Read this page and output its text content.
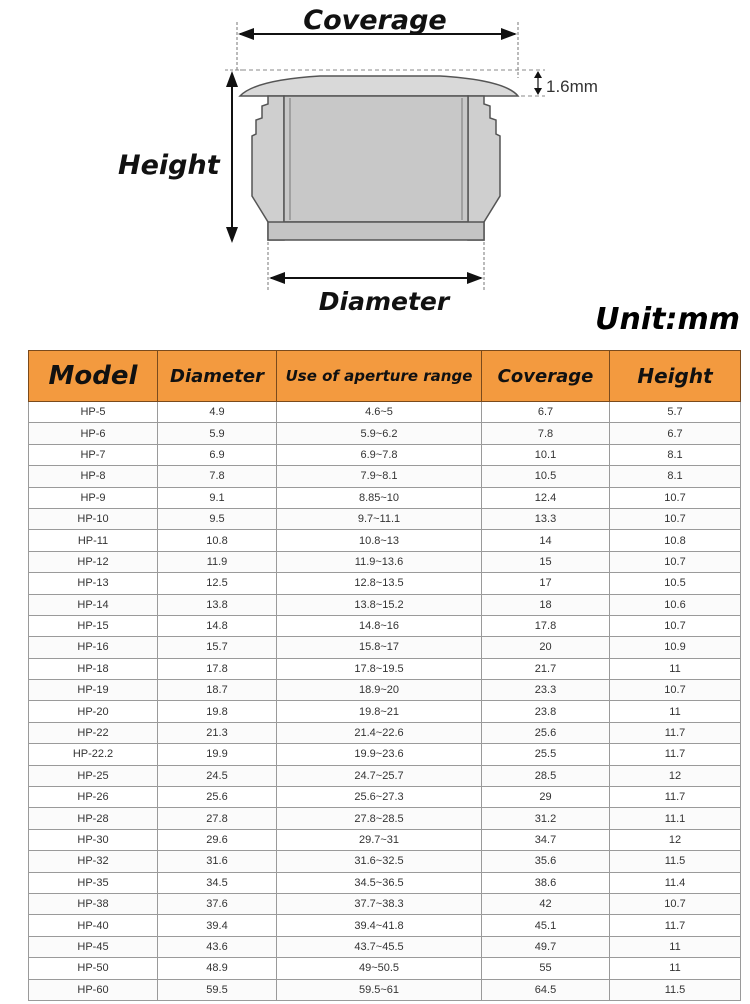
Coverage
1.6mm
Height
Diameter
Unit:mm
Model	Diameter	Use of aperture range	Coverage	Height
HP-5	4.9	4.6~5	6.7	5.7
HP-6	5.9	5.9~6.2	7.8	6.7
HP-7	6.9	6.9~7.8	10.1	8.1
HP-8	7.8	7.9~8.1	10.5	8.1
HP-9	9.1	8.85~10	12.4	10.7
HP-10	9.5	9.7~11.1	13.3	10.7
HP-11	10.8	10.8~13	14	10.8
HP-12	11.9	11.9~13.6	15	10.7
HP-13	12.5	12.8~13.5	17	10.5
HP-14	13.8	13.8~15.2	18	10.6
HP-15	14.8	14.8~16	17.8	10.7
HP-16	15.7	15.8~17	20	10.9
HP-18	17.8	17.8~19.5	21.7	11
HP-19	18.7	18.9~20	23.3	10.7
HP-20	19.8	19.8~21	23.8	11
HP-22	21.3	21.4~22.6	25.6	11.7
HP-22.2	19.9	19.9~23.6	25.5	11.7
HP-25	24.5	24.7~25.7	28.5	12
HP-26	25.6	25.6~27.3	29	11.7
HP-28	27.8	27.8~28.5	31.2	11.1
HP-30	29.6	29.7~31	34.7	12
HP-32	31.6	31.6~32.5	35.6	11.5
HP-35	34.5	34.5~36.5	38.6	11.4
HP-38	37.6	37.7~38.3	42	10.7
HP-40	39.4	39.4~41.8	45.1	11.7
HP-45	43.6	43.7~45.5	49.7	11
HP-50	48.9	49~50.5	55	11
HP-60	59.5	59.5~61	64.5	11.5
